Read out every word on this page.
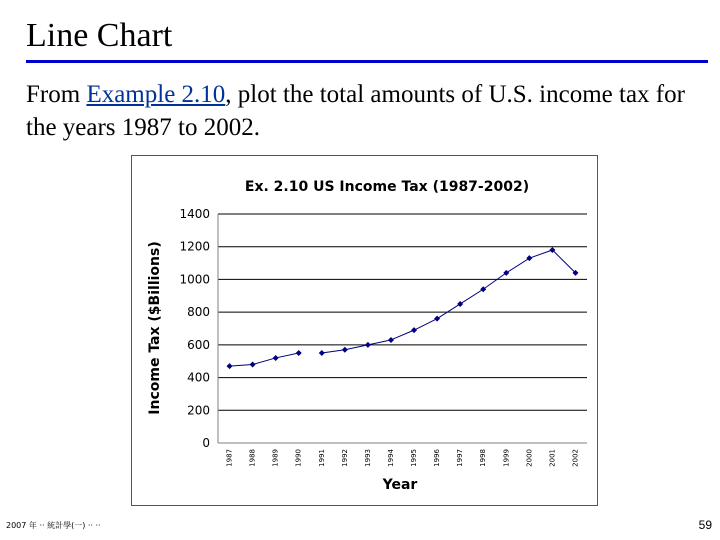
Line Chart

From Example 2.10, plot the total amounts of U.S. income tax for the years 1987 to 2002.

Ex. 2.10 US Income Tax (1987-2002)
0
200
400
600
800
1000
1200
1400
1987 1988 1989 1990 1991 1992 1993 1994 1995 1996 1997 1998 1999 2000 2001 2002
Year
Income Tax ($Billions)
2007 年 ·· 統計學(一) ·· ··	59
